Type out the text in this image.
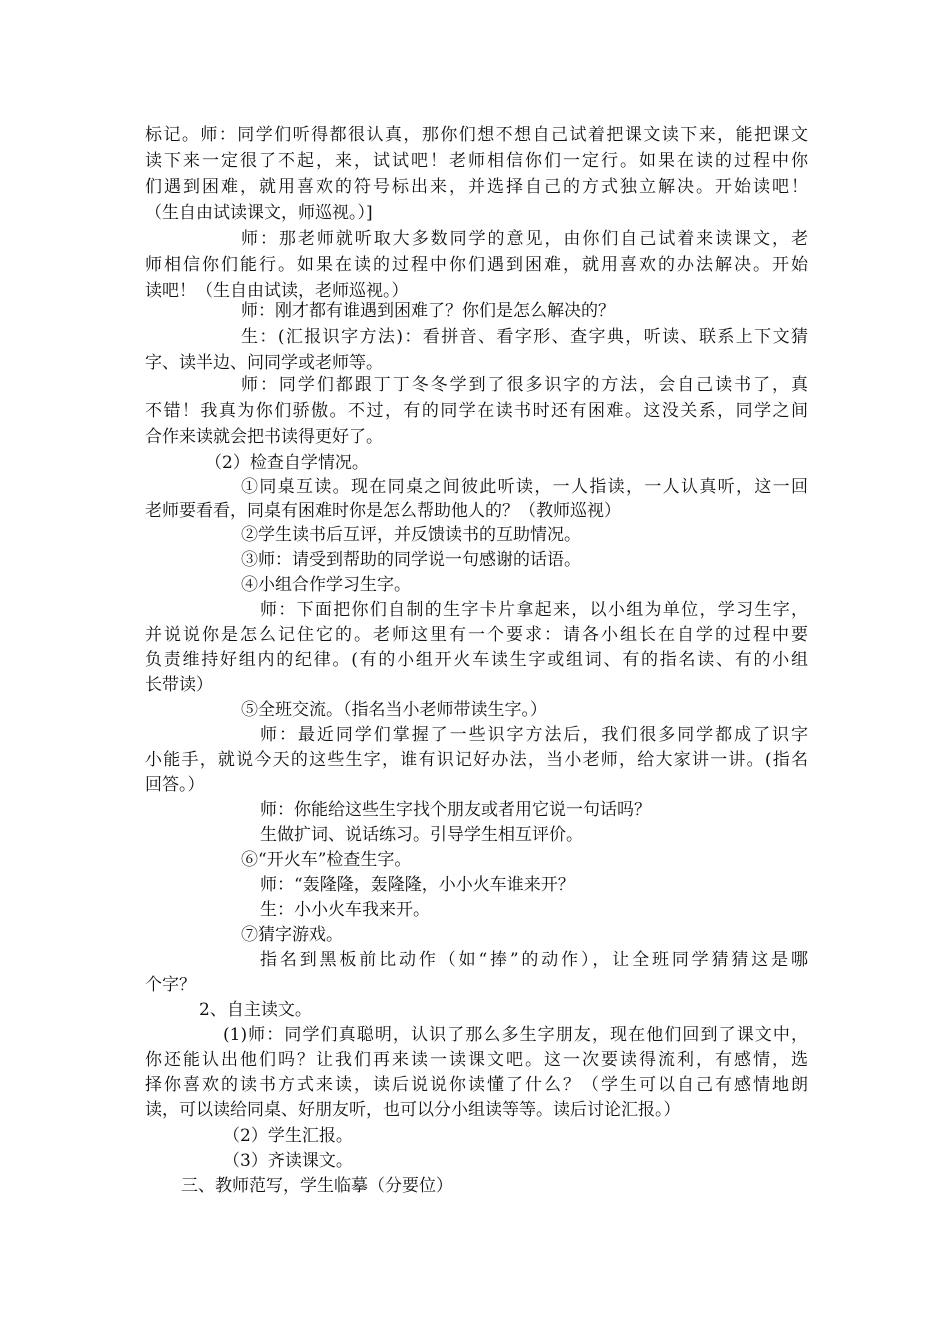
标记。师：同学们听得都很认真，那你们想不想自己试着把课文读下来，能把课文
读下来一定很了不起，来，试试吧！老师相信你们一定行。如果在读的过程中你
们遇到困难，就用喜欢的符号标出来，并选择自己的方式独立解决。开始读吧！
（生自由试读课文，师巡视。）]
师：那老师就听取大多数同学的意见，由你们自己试着来读课文，老
师相信你们能行。如果在读的过程中你们遇到困难，就用喜欢的办法解决。开始
读吧！（生自由试读，老师巡视。）
师：刚才都有谁遇到困难了？你们是怎么解决的？
生：(汇报识字方法)：看拼音、看字形、查字典，听读、联系上下文猜
字、读半边、问同学或老师等。
师：同学们都跟丁丁冬冬学到了很多识字的方法，会自己读书了，真
不错！我真为你们骄傲。不过，有的同学在读书时还有困难。这没关系，同学之间
合作来读就会把书读得更好了。
（2）检查自学情况。
①同桌互读。现在同桌之间彼此听读，一人指读，一人认真听，这一回
老师要看看，同桌有困难时你是怎么帮助他人的？（教师巡视）
②学生读书后互评，并反馈读书的互助情况。
③师：请受到帮助的同学说一句感谢的话语。
④小组合作学习生字。
师：下面把你们自制的生字卡片拿起来，以小组为单位，学习生字，
并说说你是怎么记住它的。老师这里有一个要求：请各小组长在自学的过程中要
负责维持好组内的纪律。(有的小组开火车读生字或组词、有的指名读、有的小组
长带读）
⑤全班交流。（指名当小老师带读生字。）
师：最近同学们掌握了一些识字方法后，我们很多同学都成了识字
小能手，就说今天的这些生字，谁有识记好办法，当小老师，给大家讲一讲。(指名
回答。）
师：你能给这些生字找个朋友或者用它说一句话吗？
生做扩词、说话练习。引导学生相互评价。
⑥“开火车”检查生字。
师：“轰隆隆，轰隆隆，小小火车谁来开？
生：小小火车我来开。
⑦猜字游戏。
指名到黑板前比动作（如“捧”的动作），让全班同学猜猜这是哪
个字？
2、自主读文。
(1)师：同学们真聪明，认识了那么多生字朋友，现在他们回到了课文中，
你还能认出他们吗？让我们再来读一读课文吧。这一次要读得流利，有感情，选
择你喜欢的读书方式来读，读后说说你读懂了什么？（学生可以自己有感情地朗
读，可以读给同桌、好朋友听，也可以分小组读等等。读后讨论汇报。）
（2）学生汇报。
（3）齐读课文。
三、教师范写，学生临摹（分要位）
